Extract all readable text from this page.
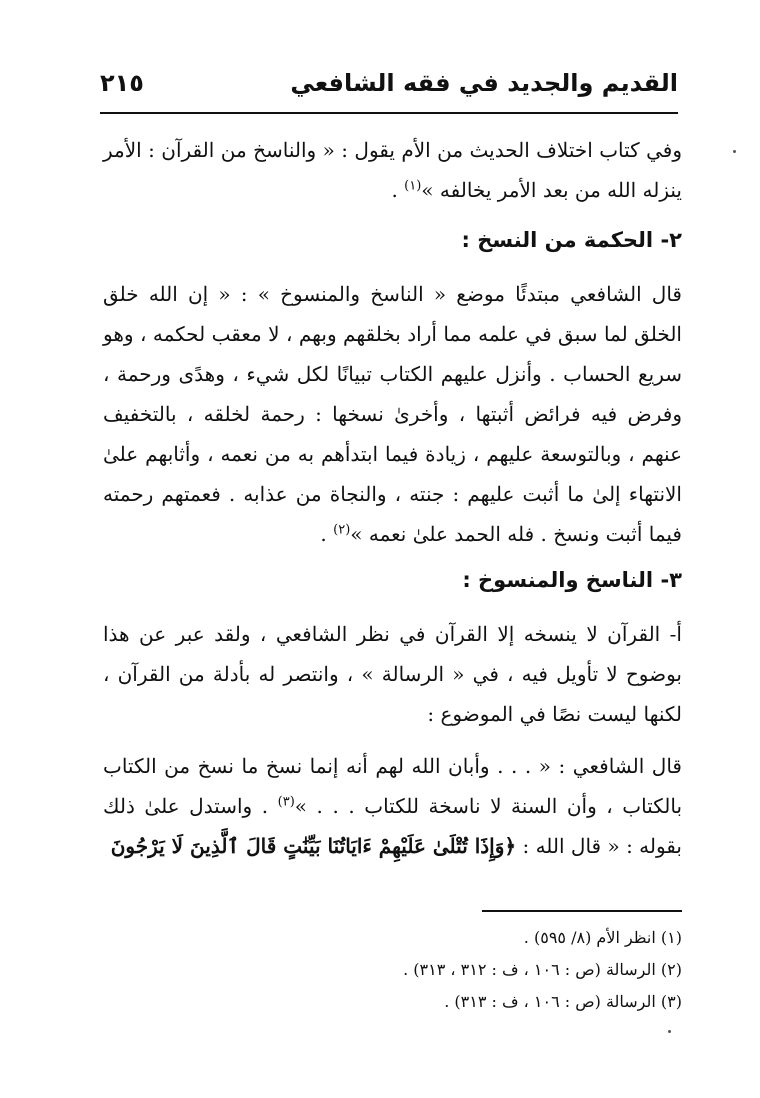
٢١٥	القديم والجديد في فقه الشافعي

وفي كتاب اختلاف الحديث من الأم يقول : « والناسخ من القرآن : الأمر ينزله الله من بعد الأمر يخالفه »$^{(١)}$ .

٢- الحكمة من النسخ :

قال الشافعي مبتدئًا موضع « الناسخ والمنسوخ » : « إن الله خلق الخلق لما سبق في علمه مما أراد بخلقهم وبهم ، لا معقب لحكمه ، وهو سريع الحساب . وأنزل عليهم الكتاب تبيانًا لكل شيء ، وهدًى ورحمة ، وفرض فيه فرائض أثبتها ، وأخرىٰ نسخها : رحمة لخلقه ، بالتخفيف عنهم ، وبالتوسعة عليهم ، زيادة فيما ابتدأهم به من نعمه ، وأثابهم علىٰ الانتهاء إلىٰ ما أثبت عليهم : جنته ، والنجاة من عذابه . فعمتهم رحمته فيما أثبت ونسخ . فله الحمد علىٰ نعمه »$^{(٢)}$ .

٣- الناسخ والمنسوخ :

أ- القرآن لا ينسخه إلا القرآن في نظر الشافعي ، ولقد عبر عن هذا بوضوح لا تأويل فيه ، في « الرسالة » ، وانتصر له بأدلة من القرآن ، لكنها ليست نصًا في الموضوع :

قال الشافعي : « . . . وأبان الله لهم أنه إنما نسخ ما نسخ من الكتاب بالكتاب ، وأن السنة لا ناسخة للكتاب . . . »$^{(٣)}$ . واستدل علىٰ ذلك بقوله : « قال الله : ﴿وَإِذَا تُتْلَىٰ عَلَيْهِمْ ءَايَاتُنَا بَيِّنَٰتٍ قَالَ ٱلَّذِينَ لَا يَرْجُونَ

(١) انظر الأم (٨/ ٥٩٥) .

(٢) الرسالة (ص : ١٠٦ ، ف : ٣١٢ ، ٣١٣) .

(٣) الرسالة (ص : ١٠٦ ، ف : ٣١٣) .
